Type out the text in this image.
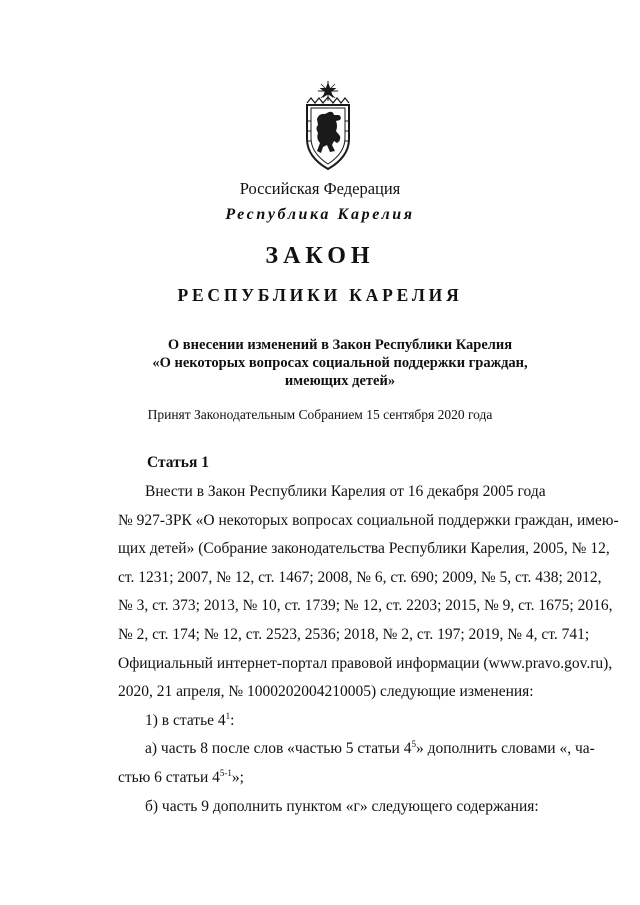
Российская Федерация
Республика Карелия
ЗАКОН
РЕСПУБЛИКИ КАРЕЛИЯ
О внесении изменений в Закон Республики Карелия
«О некоторых вопросах социальной поддержки граждан,
имеющих детей»
Принят Законодательным Собранием 15 сентября 2020 года
Статья 1
Внести в Закон Республики Карелия от 16 декабря 2005 года
№ 927-ЗРК «О некоторых вопросах социальной поддержки граждан, имею-
щих детей» (Собрание законодательства Республики Карелия, 2005, № 12,
ст. 1231; 2007, № 12, ст. 1467; 2008, № 6, ст. 690; 2009, № 5, ст. 438; 2012,
№ 3, ст. 373; 2013, № 10, ст. 1739; № 12, ст. 2203; 2015, № 9, ст. 1675; 2016,
№ 2, ст. 174; № 12, ст. 2523, 2536; 2018, № 2, ст. 197; 2019, № 4, ст. 741;
Официальный интернет-портал правовой информации (www.pravo.gov.ru),
2020, 21 апреля, № 1000202004210005) следующие изменения:
1) в статье $4^1$:
а) часть 8 после слов «частью 5 статьи $4^5$» дополнить словами «, ча-
стью 6 статьи 4$^{5-1}$»;
б) часть 9 дополнить пунктом «г» следующего содержания:
